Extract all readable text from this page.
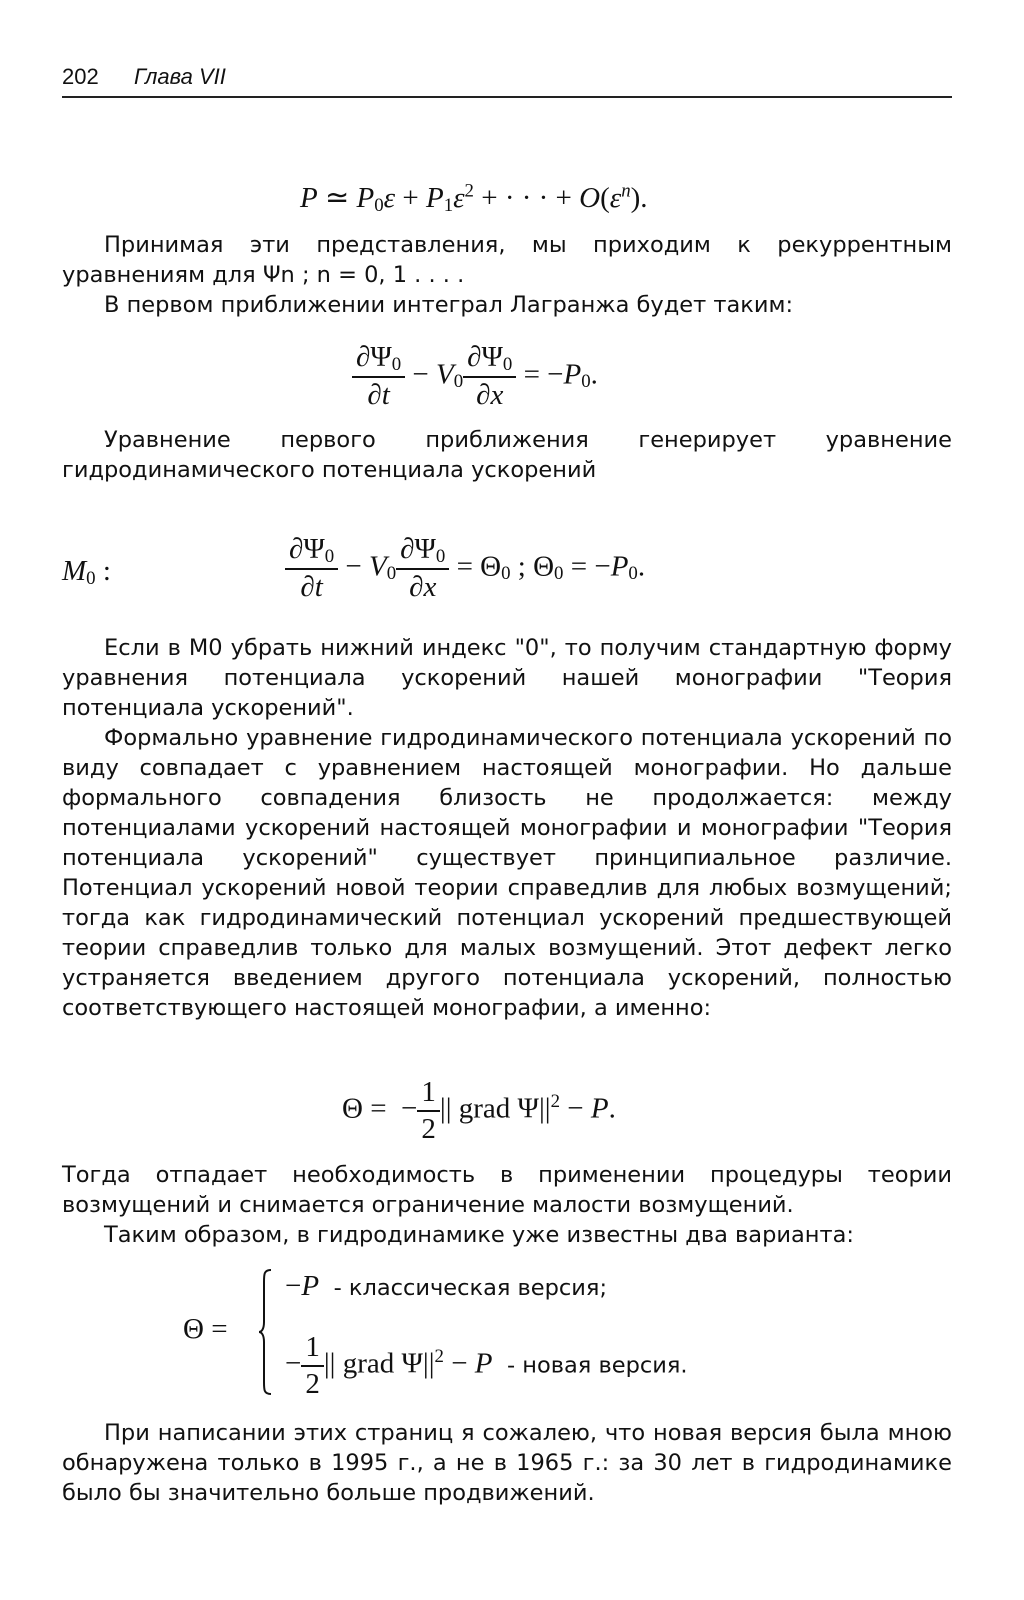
202 Глава VII
P ≃ $P_0\varepsilon + P_1\varepsilon^2$ + · · · + $O(\varepsilon^n)$.

Принимая эти представления, мы приходим к рекуррентным уравнениям для Ψn ; n = 0, 1 . . . .

В первом приближении интеграл Лагранжа будет таким:

$\frac{\partial\Psi_0}{\partial t} - V_0 \frac{\partial\Psi_0}{\partial x} = -P_0$.

Уравнение первого приближения генерирует уравнение гидродинамического потенциала ускорений

$M_0$ :	$\frac{\partial\Psi_0}{\partial t} - V_0 \frac{\partial\Psi_0}{\partial x} = \Theta_0$ ; $\Theta_0 = -P_0$.

Если в M0 убрать нижний индекс "0", то получим стандартную форму уравнения потенциала ускорений нашей монографии "Теория потенциала ускорений".

Формально уравнение гидродинамического потенциала ускорений по виду совпадает с уравнением настоящей монографии. Но дальше формального совпадения близость не продолжается: между потенциалами ускорений настоящей монографии и монографии "Теория потенциала ускорений" существует принципиальное различие. Потенциал ускорений новой теории справедлив для любых возмущений; тогда как гидродинамический потенциал ускорений предшествующей теории справедлив только для малых возмущений. Этот дефект легко устраняется введением другого потенциала ускорений, полностью соответствующего настоящей монографии, а именно:

Θ =  − $\frac{1}{2}$ || grad $\Psi||^2 - P$.

Тогда отпадает необходимость в применении процедуры теории возмущений и снимается ограничение малости возмущений.

Таким образом, в гидродинамике уже известны два варианта:

Θ =
−P - классическая версия;
− $\frac{1}{2}$ || grad $\Psi||^2 - P$ - новая версия.

При написании этих страниц я сожалею, что новая версия была мною обнаружена только в 1995 г., а не в 1965 г.: за 30 лет в гидродинамике было бы значительно больше продвижений.
